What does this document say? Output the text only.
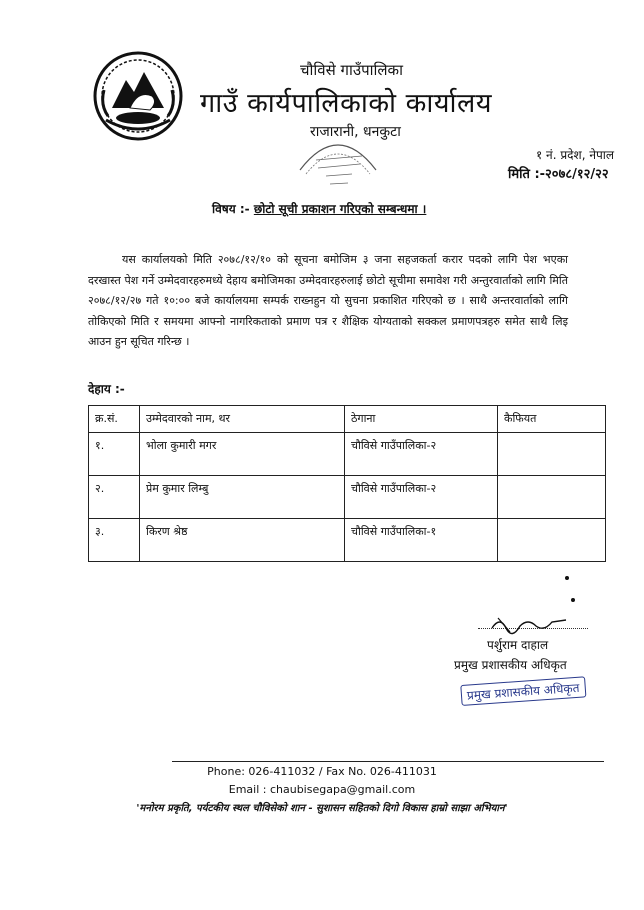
चौविसे गाउँपालिका
गाउँ कार्यपालिकाको कार्यालय
राजारानी, धनकुटा
१ नं. प्रदेश, नेपाल
मिति :-२०७८/१२/२२
विषय :- छोटो सूची प्रकाशन गरिएको सम्बन्धमा ।
यस कार्यालयको मिति २०७८/१२/१० को सूचना बमोजिम ३ जना सहजकर्ता करार पदको लागि पेश भएका दरखास्त पेश गर्ने उम्मेदवारहरुमध्ये देहाय बमोजिमका उम्मेदवारहरुलाई छोटो सूचीमा समावेश गरी अन्तुरवार्ताको लागि मिति २०७८/१२/२७ गते १०:०० बजे कार्यालयमा सम्पर्क राख्नहुन यो सुचना प्रकाशित गरिएको छ । साथै अन्तरवार्ताको लागि तोकिएको मिति र समयमा आफ्नो नागरिकताको प्रमाण पत्र र शैक्षिक योग्यताको सक्कल प्रमाणपत्रहरु समेत साथै लिइ आउन हुन सूचित गरिन्छ ।
देहाय :-
क्र.सं.	उम्मेदवारको नाम, थर	ठेगाना	कैफियत
१.	भोला कुमारी मगर	चौविसे गाउँपालिका-२	
२.	प्रेम कुमार लिम्बु	चौविसे गाउँपालिका-२	
३.	किरण श्रेष्ठ	चौविसे गाउँपालिका-१	
पर्शुराम दाहाल
प्रमुख प्रशासकीय अधिकृत
प्रमुख प्रशासकीय अधिकृत
Phone: 026-411032 / Fax No. 026-411031
Email : chaubisegapa@gmail.com
'मनोरम प्रकृति, पर्यटकीय स्थल चौविसेको शान - सुशासन सहितको दिगो विकास हाम्रो साझा अभियान'
